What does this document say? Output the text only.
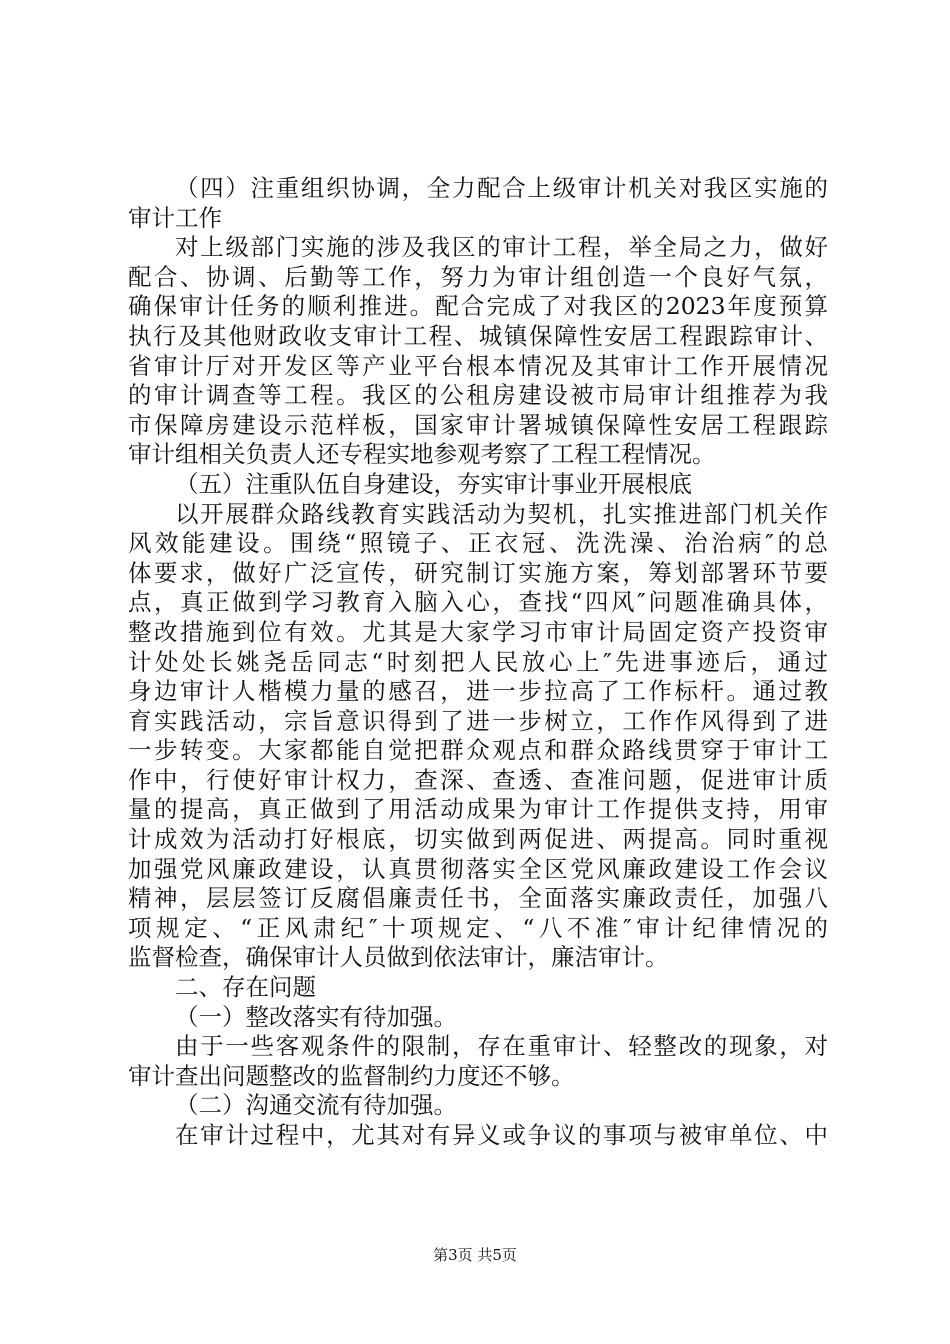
（四）注重组织协调，全力配合上级审计机关对我区实施的
审计工作
对上级部门实施的涉及我区的审计工程，举全局之力，做好
配合、协调、后勤等工作，努力为审计组创造一个良好气氛，
确保审计任务的顺利推进。配合完成了对我区的2023年度预算
执行及其他财政收支审计工程、城镇保障性安居工程跟踪审计、
省审计厅对开发区等产业平台根本情况及其审计工作开展情况
的审计调查等工程。我区的公租房建设被市局审计组推荐为我
市保障房建设示范样板，国家审计署城镇保障性安居工程跟踪
审计组相关负责人还专程实地参观考察了工程工程情况。
（五）注重队伍自身建设，夯实审计事业开展根底
以开展群众路线教育实践活动为契机，扎实推进部门机关作
风效能建设。围绕“照镜子、正衣冠、洗洗澡、治治病″的总
体要求，做好广泛宣传，研究制订实施方案，筹划部署环节要
点，真正做到学习教育入脑入心，查找“四风″问题准确具体，
整改措施到位有效。尤其是大家学习市审计局固定资产投资审
计处处长姚尧岳同志“时刻把人民放心上″先进事迹后，通过
身边审计人楷模力量的感召，进一步拉高了工作标杆。通过教
育实践活动，宗旨意识得到了进一步树立，工作作风得到了进
一步转变。大家都能自觉把群众观点和群众路线贯穿于审计工
作中，行使好审计权力，查深、查透、查准问题，促进审计质
量的提高，真正做到了用活动成果为审计工作提供支持，用审
计成效为活动打好根底，切实做到两促进、两提高。同时重视
加强党风廉政建设，认真贯彻落实全区党风廉政建设工作会议
精神，层层签订反腐倡廉责任书，全面落实廉政责任，加强八
项规定、“正风肃纪″十项规定、“八不准″审计纪律情况的
监督检查，确保审计人员做到依法审计，廉洁审计。
二、存在问题
（一）整改落实有待加强。
由于一些客观条件的限制，存在重审计、轻整改的现象，对
审计查出问题整改的监督制约力度还不够。
（二）沟通交流有待加强。
在审计过程中，尤其对有异义或争议的事项与被审单位、中
第3页 共5页
